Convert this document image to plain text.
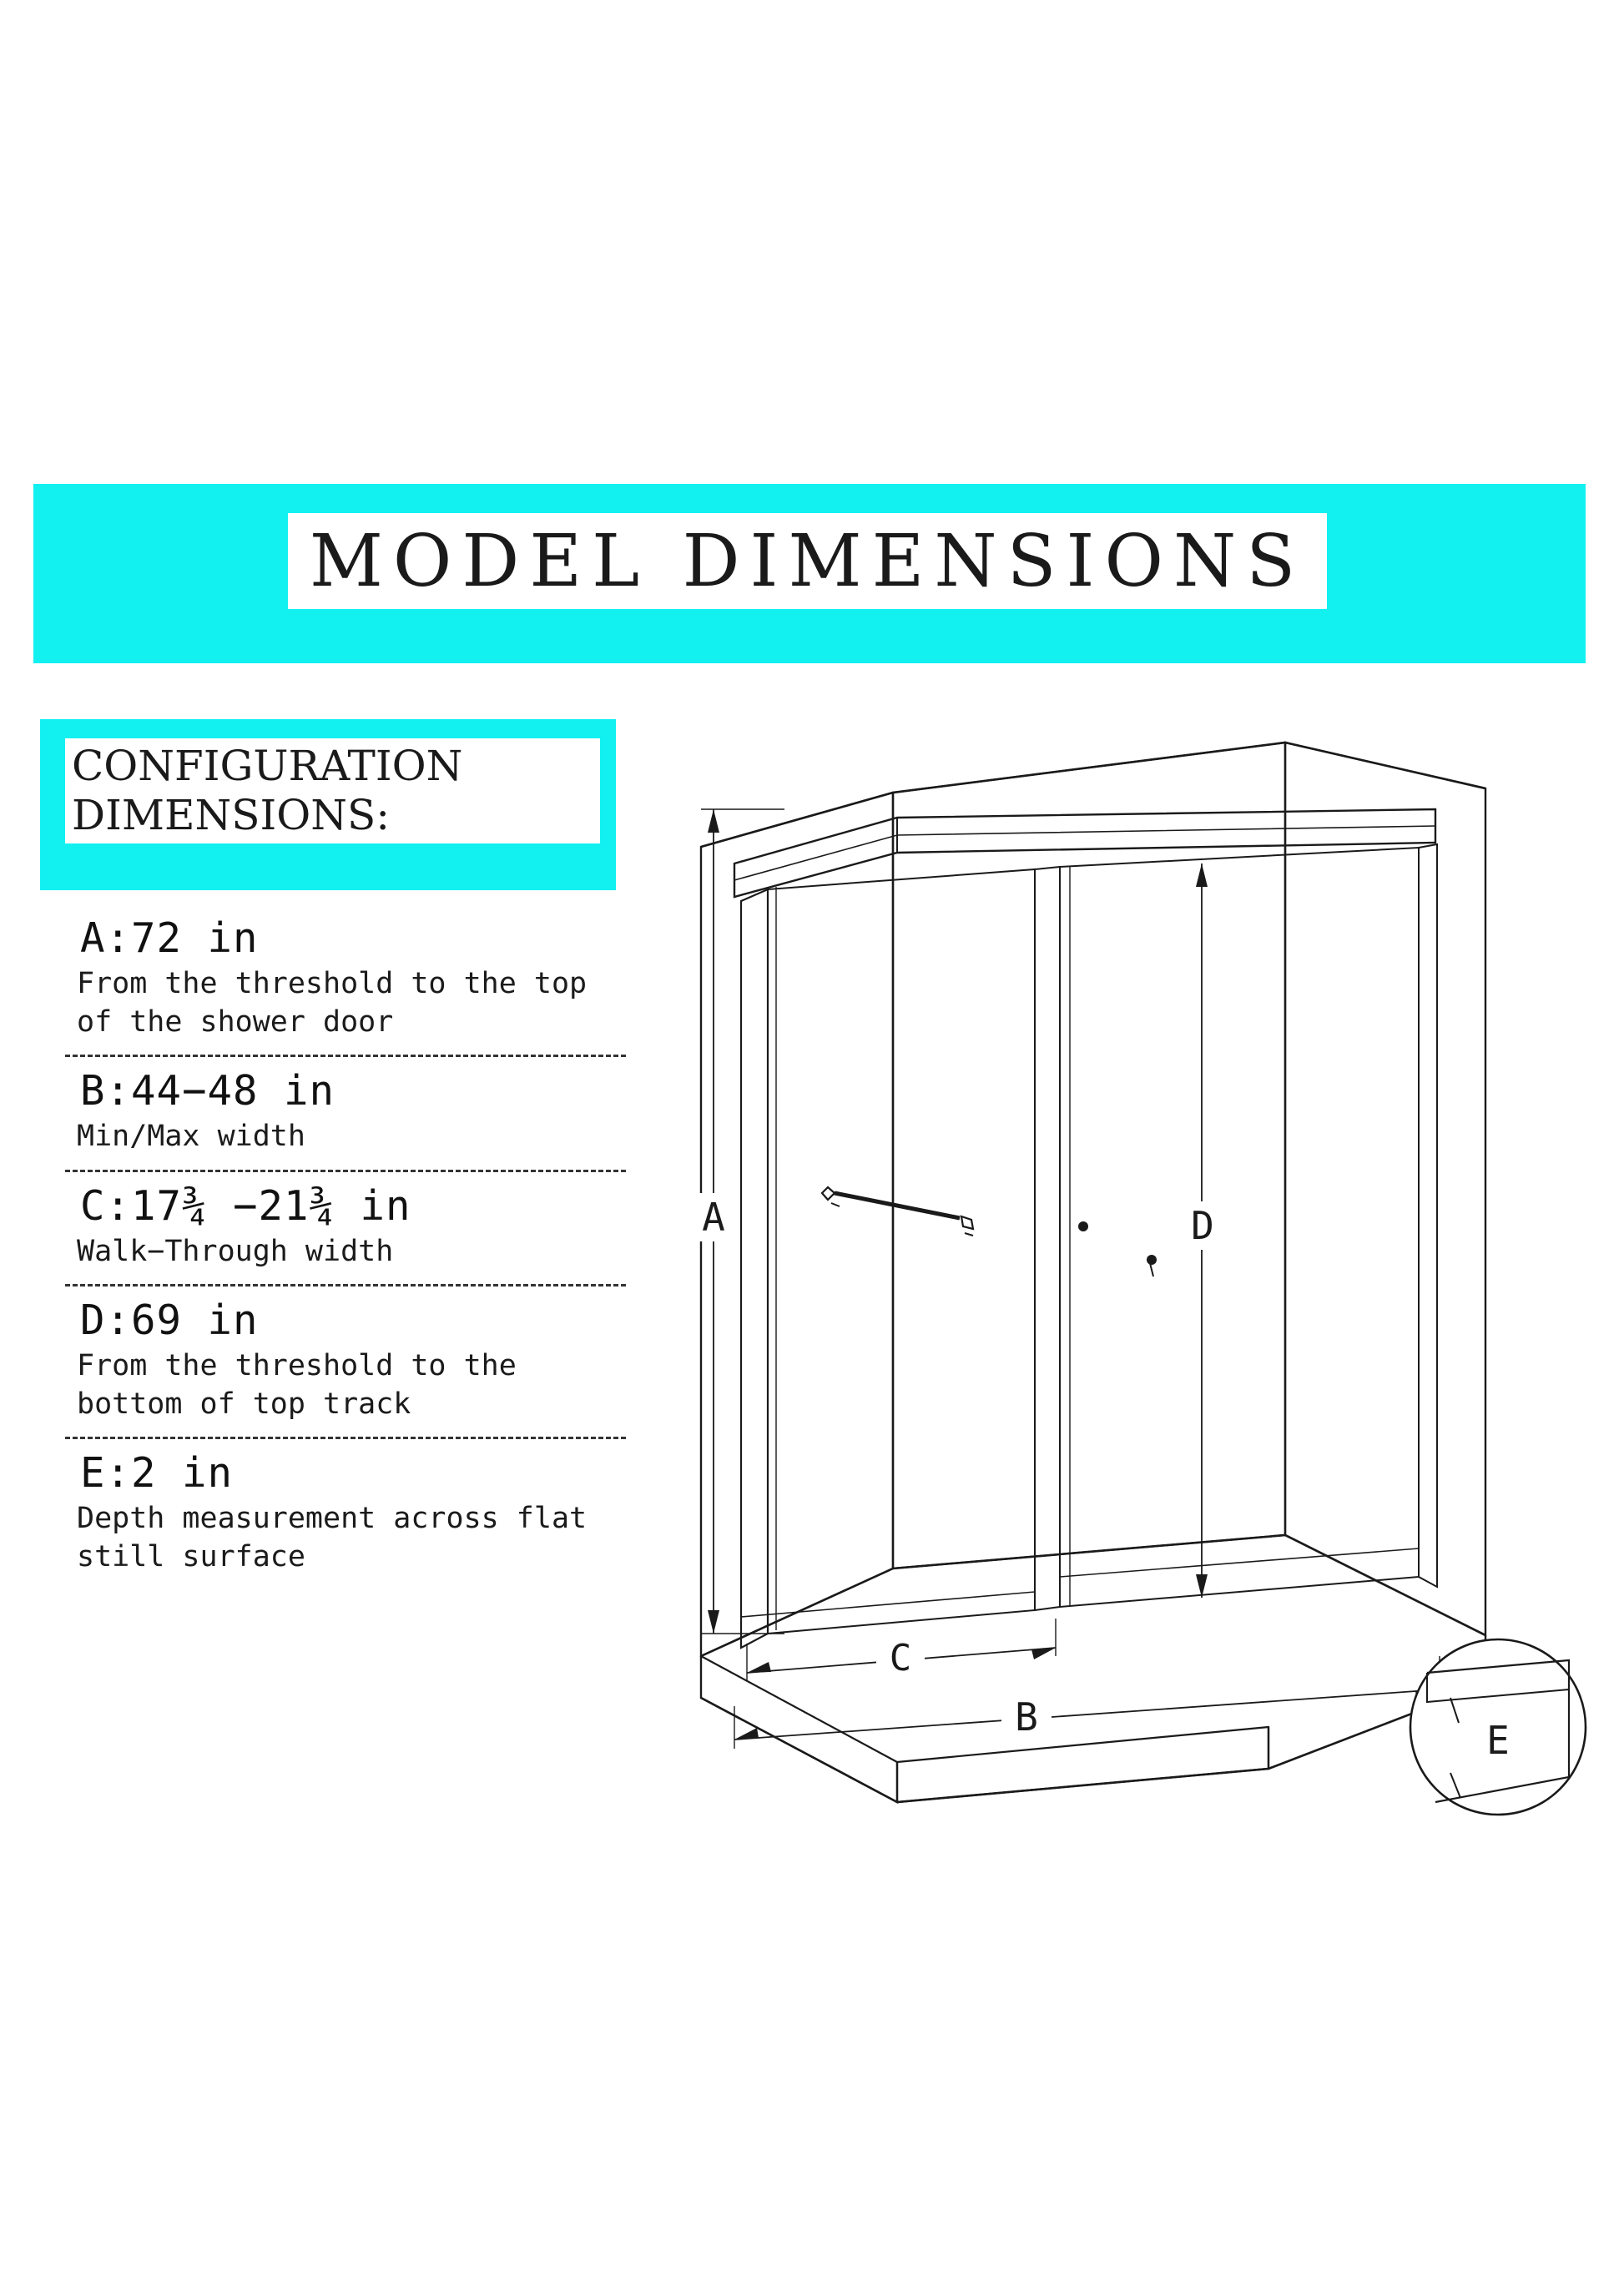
MODEL DIMENSIONS
CONFIGURATION
DIMENSIONS:
A:72 in
From the threshold to the top of the shower door
B:44−48 in
Min/Max width
C:17¾ −21¾ in
Walk−Through width
D:69 in
From the threshold to the bottom of top track
E:2 in
Depth measurement across flat still surface
A	D
C
B
E
